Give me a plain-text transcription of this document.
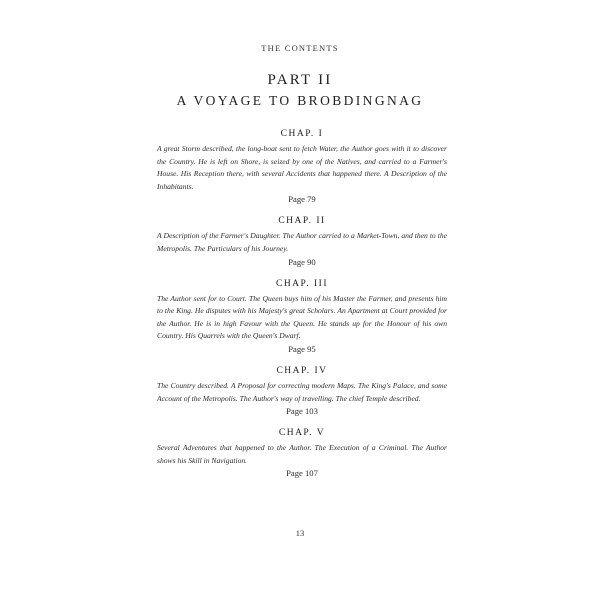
THE CONTENTS
PART II
A VOYAGE TO BROBDINGNAG
CHAP. I

A great Storm described, the long-boat sent to fetch Water, the Author goes with it to discover the Country. He is left on Shore, is seized by one of the Natives, and carried to a Farmer's House. His Reception there, with several Accidents that happened there. A Description of the Inhabitants.

Page 79

CHAP. II

A Description of the Farmer's Daughter. The Author carried to a Market-Town, and then to the Metropolis. The Particulars of his Journey.

Page 90

CHAP. III

The Author sent for to Court. The Queen buys him of his Master the Farmer, and presents him to the King. He disputes with his Majesty's great Scholars. An Apartment at Court provided for the Author. He is in high Favour with the Queen. He stands up for the Honour of his own Country. His Quarrels with the Queen's Dwarf.

Page 95

CHAP. IV

The Country described. A Proposal for correcting modern Maps. The King's Palace, and some Account of the Metropolis. The Author's way of travelling. The chief Temple described.

Page 103

CHAP. V

Several Adventures that happened to the Author. The Execution of a Criminal. The Author shows his Skill in Navigation.

Page 107

13
